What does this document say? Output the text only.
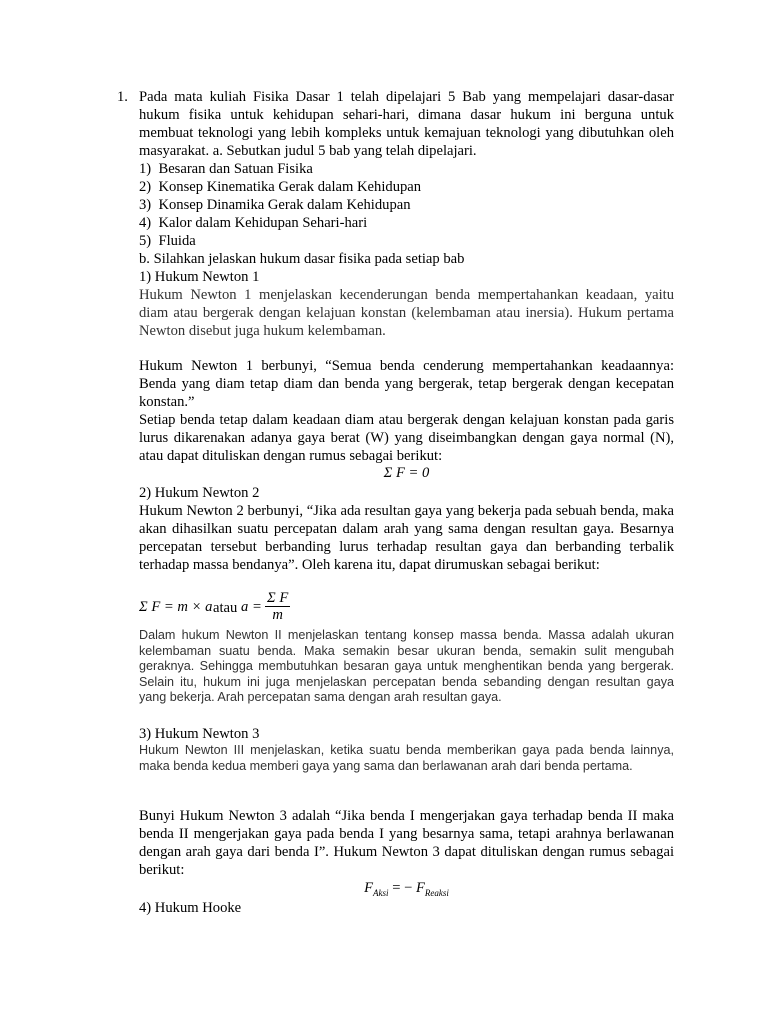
1. Pada mata kuliah Fisika Dasar 1 telah dipelajari 5 Bab yang mempelajari dasar-dasar hukum fisika untuk kehidupan sehari-hari, dimana dasar hukum ini berguna untuk membuat teknologi yang lebih kompleks untuk kemajuan teknologi yang dibutuhkan oleh masyarakat. a. Sebutkan judul 5 bab yang telah dipelajari.
1) Besaran dan Satuan Fisika
2) Konsep Kinematika Gerak dalam Kehidupan
3) Konsep Dinamika Gerak dalam Kehidupan
4) Kalor dalam Kehidupan Sehari-hari
5) Fluida
b. Silahkan jelaskan hukum dasar fisika pada setiap bab
1) Hukum Newton 1
Hukum Newton 1 menjelaskan kecenderungan benda mempertahankan keadaan, yaitu diam atau bergerak dengan kelajuan konstan (kelembaman atau inersia). Hukum pertama Newton disebut juga hukum kelembaman.
Hukum Newton 1 berbunyi, “Semua benda cenderung mempertahankan keadaannya: Benda yang diam tetap diam dan benda yang bergerak, tetap bergerak dengan kecepatan konstan.”
Setiap benda tetap dalam keadaan diam atau bergerak dengan kelajuan konstan pada garis lurus dikarenakan adanya gaya berat (W) yang diseimbangkan dengan gaya normal (N), atau dapat dituliskan dengan rumus sebagai berikut:
Σ F = 0
2) Hukum Newton 2
Hukum Newton 2 berbunyi, “Jika ada resultan gaya yang bekerja pada sebuah benda, maka akan dihasilkan suatu percepatan dalam arah yang sama dengan resultan gaya. Besarnya percepatan tersebut berbanding lurus terhadap resultan gaya dan berbanding terbalik terhadap massa bendanya”. Oleh karena itu, dapat dirumuskan sebagai berikut:
Σ F = m × a atau $a = \frac{\text{Σ F}}{m}$
Dalam hukum Newton II menjelaskan tentang konsep massa benda. Massa adalah ukuran kelembaman suatu benda. Maka semakin besar ukuran benda, semakin sulit mengubah geraknya. Sehingga membutuhkan besaran gaya untuk menghentikan benda yang bergerak. Selain itu, hukum ini juga menjelaskan percepatan benda sebanding dengan resultan gaya yang bekerja. Arah percepatan sama dengan arah resultan gaya.
3) Hukum Newton 3
Hukum Newton III menjelaskan, ketika suatu benda memberikan gaya pada benda lainnya, maka benda kedua memberi gaya yang sama dan berlawanan arah dari benda pertama.
Bunyi Hukum Newton 3 adalah “Jika benda I mengerjakan gaya terhadap benda II maka benda II mengerjakan gaya pada benda I yang besarnya sama, tetapi arahnya berlawanan dengan arah gaya dari benda I”. Hukum Newton 3 dapat dituliskan dengan rumus sebagai berikut:
$F_{Aksi}$ = − $F_{Reaksi}$
4) Hukum Hooke
